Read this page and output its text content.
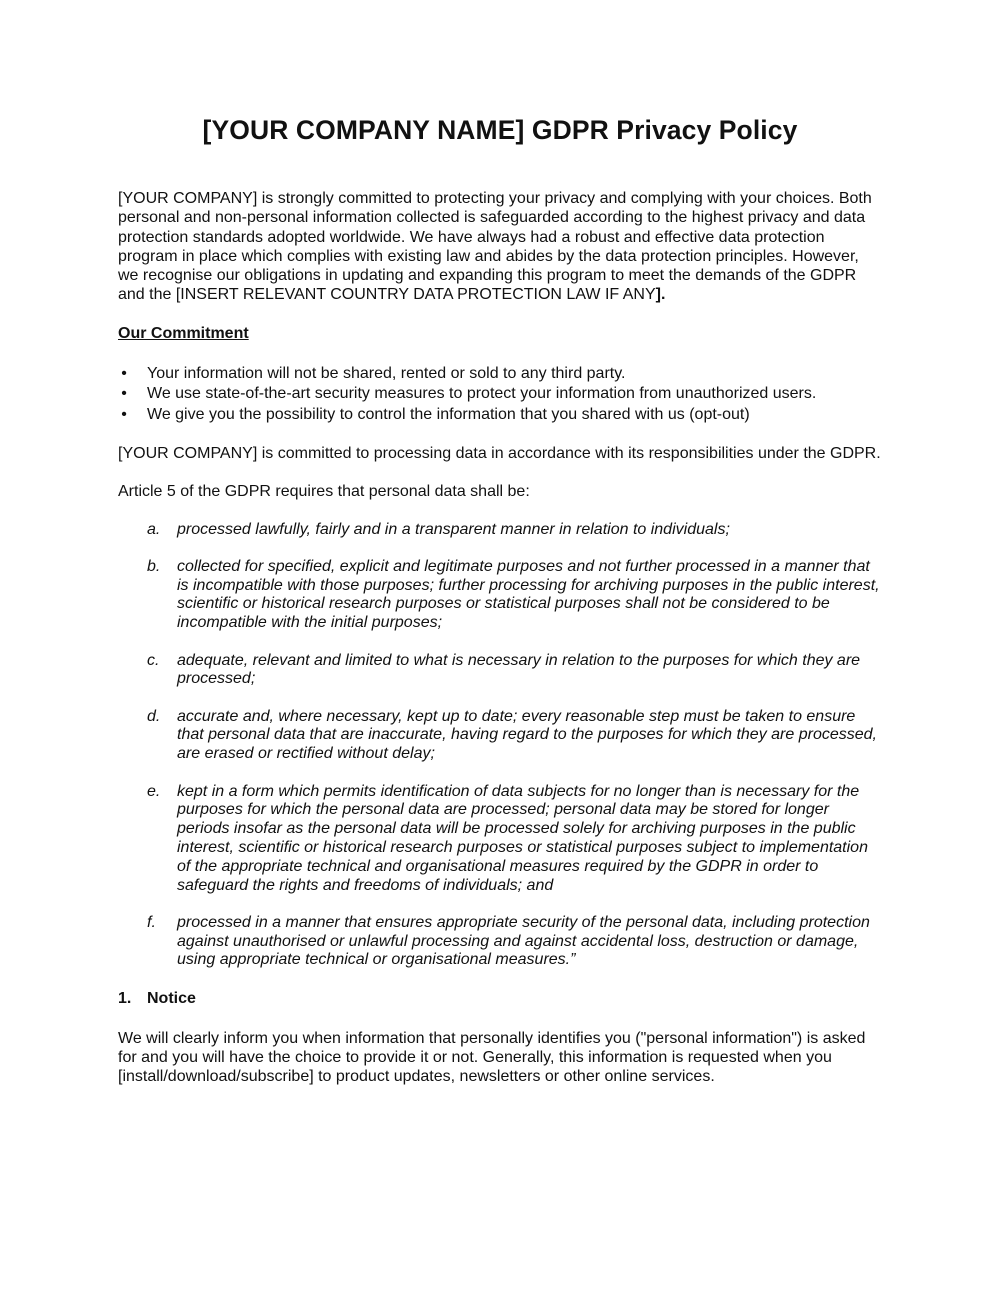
[YOUR COMPANY NAME] GDPR Privacy Policy

[YOUR COMPANY] is strongly committed to protecting your privacy and complying with your choices. Both personal and non-personal information collected is safeguarded according to the highest privacy and data protection standards adopted worldwide. We have always had a robust and effective data protection program in place which complies with existing law and abides by the data protection principles. However, we recognise our obligations in updating and expanding this program to meet the demands of the GDPR and the [INSERT RELEVANT COUNTRY DATA PROTECTION LAW IF ANY].

Our Commitment

• Your information will not be shared, rented or sold to any third party.
• We use state-of-the-art security measures to protect your information from unauthorized users.
• We give you the possibility to control the information that you shared with us (opt-out)

[YOUR COMPANY] is committed to processing data in accordance with its responsibilities under the GDPR.

Article 5 of the GDPR requires that personal data shall be:

a. processed lawfully, fairly and in a transparent manner in relation to individuals;
b. collected for specified, explicit and legitimate purposes and not further processed in a manner that is incompatible with those purposes; further processing for archiving purposes in the public interest, scientific or historical research purposes or statistical purposes shall not be considered to be incompatible with the initial purposes;
c. adequate, relevant and limited to what is necessary in relation to the purposes for which they are processed;
d. accurate and, where necessary, kept up to date; every reasonable step must be taken to ensure that personal data that are inaccurate, having regard to the purposes for which they are processed, are erased or rectified without delay;
e. kept in a form which permits identification of data subjects for no longer than is necessary for the purposes for which the personal data are processed; personal data may be stored for longer periods insofar as the personal data will be processed solely for archiving purposes in the public interest, scientific or historical research purposes or statistical purposes subject to implementation of the appropriate technical and organisational measures required by the GDPR in order to safeguard the rights and freedoms of individuals; and
f. processed in a manner that ensures appropriate security of the personal data, including protection against unauthorised or unlawful processing and against accidental loss, destruction or damage, using appropriate technical or organisational measures.”

1. Notice

We will clearly inform you when information that personally identifies you ("personal information") is asked for and you will have the choice to provide it or not. Generally, this information is requested when you [install/download/subscribe] to product updates, newsletters or other online services.
